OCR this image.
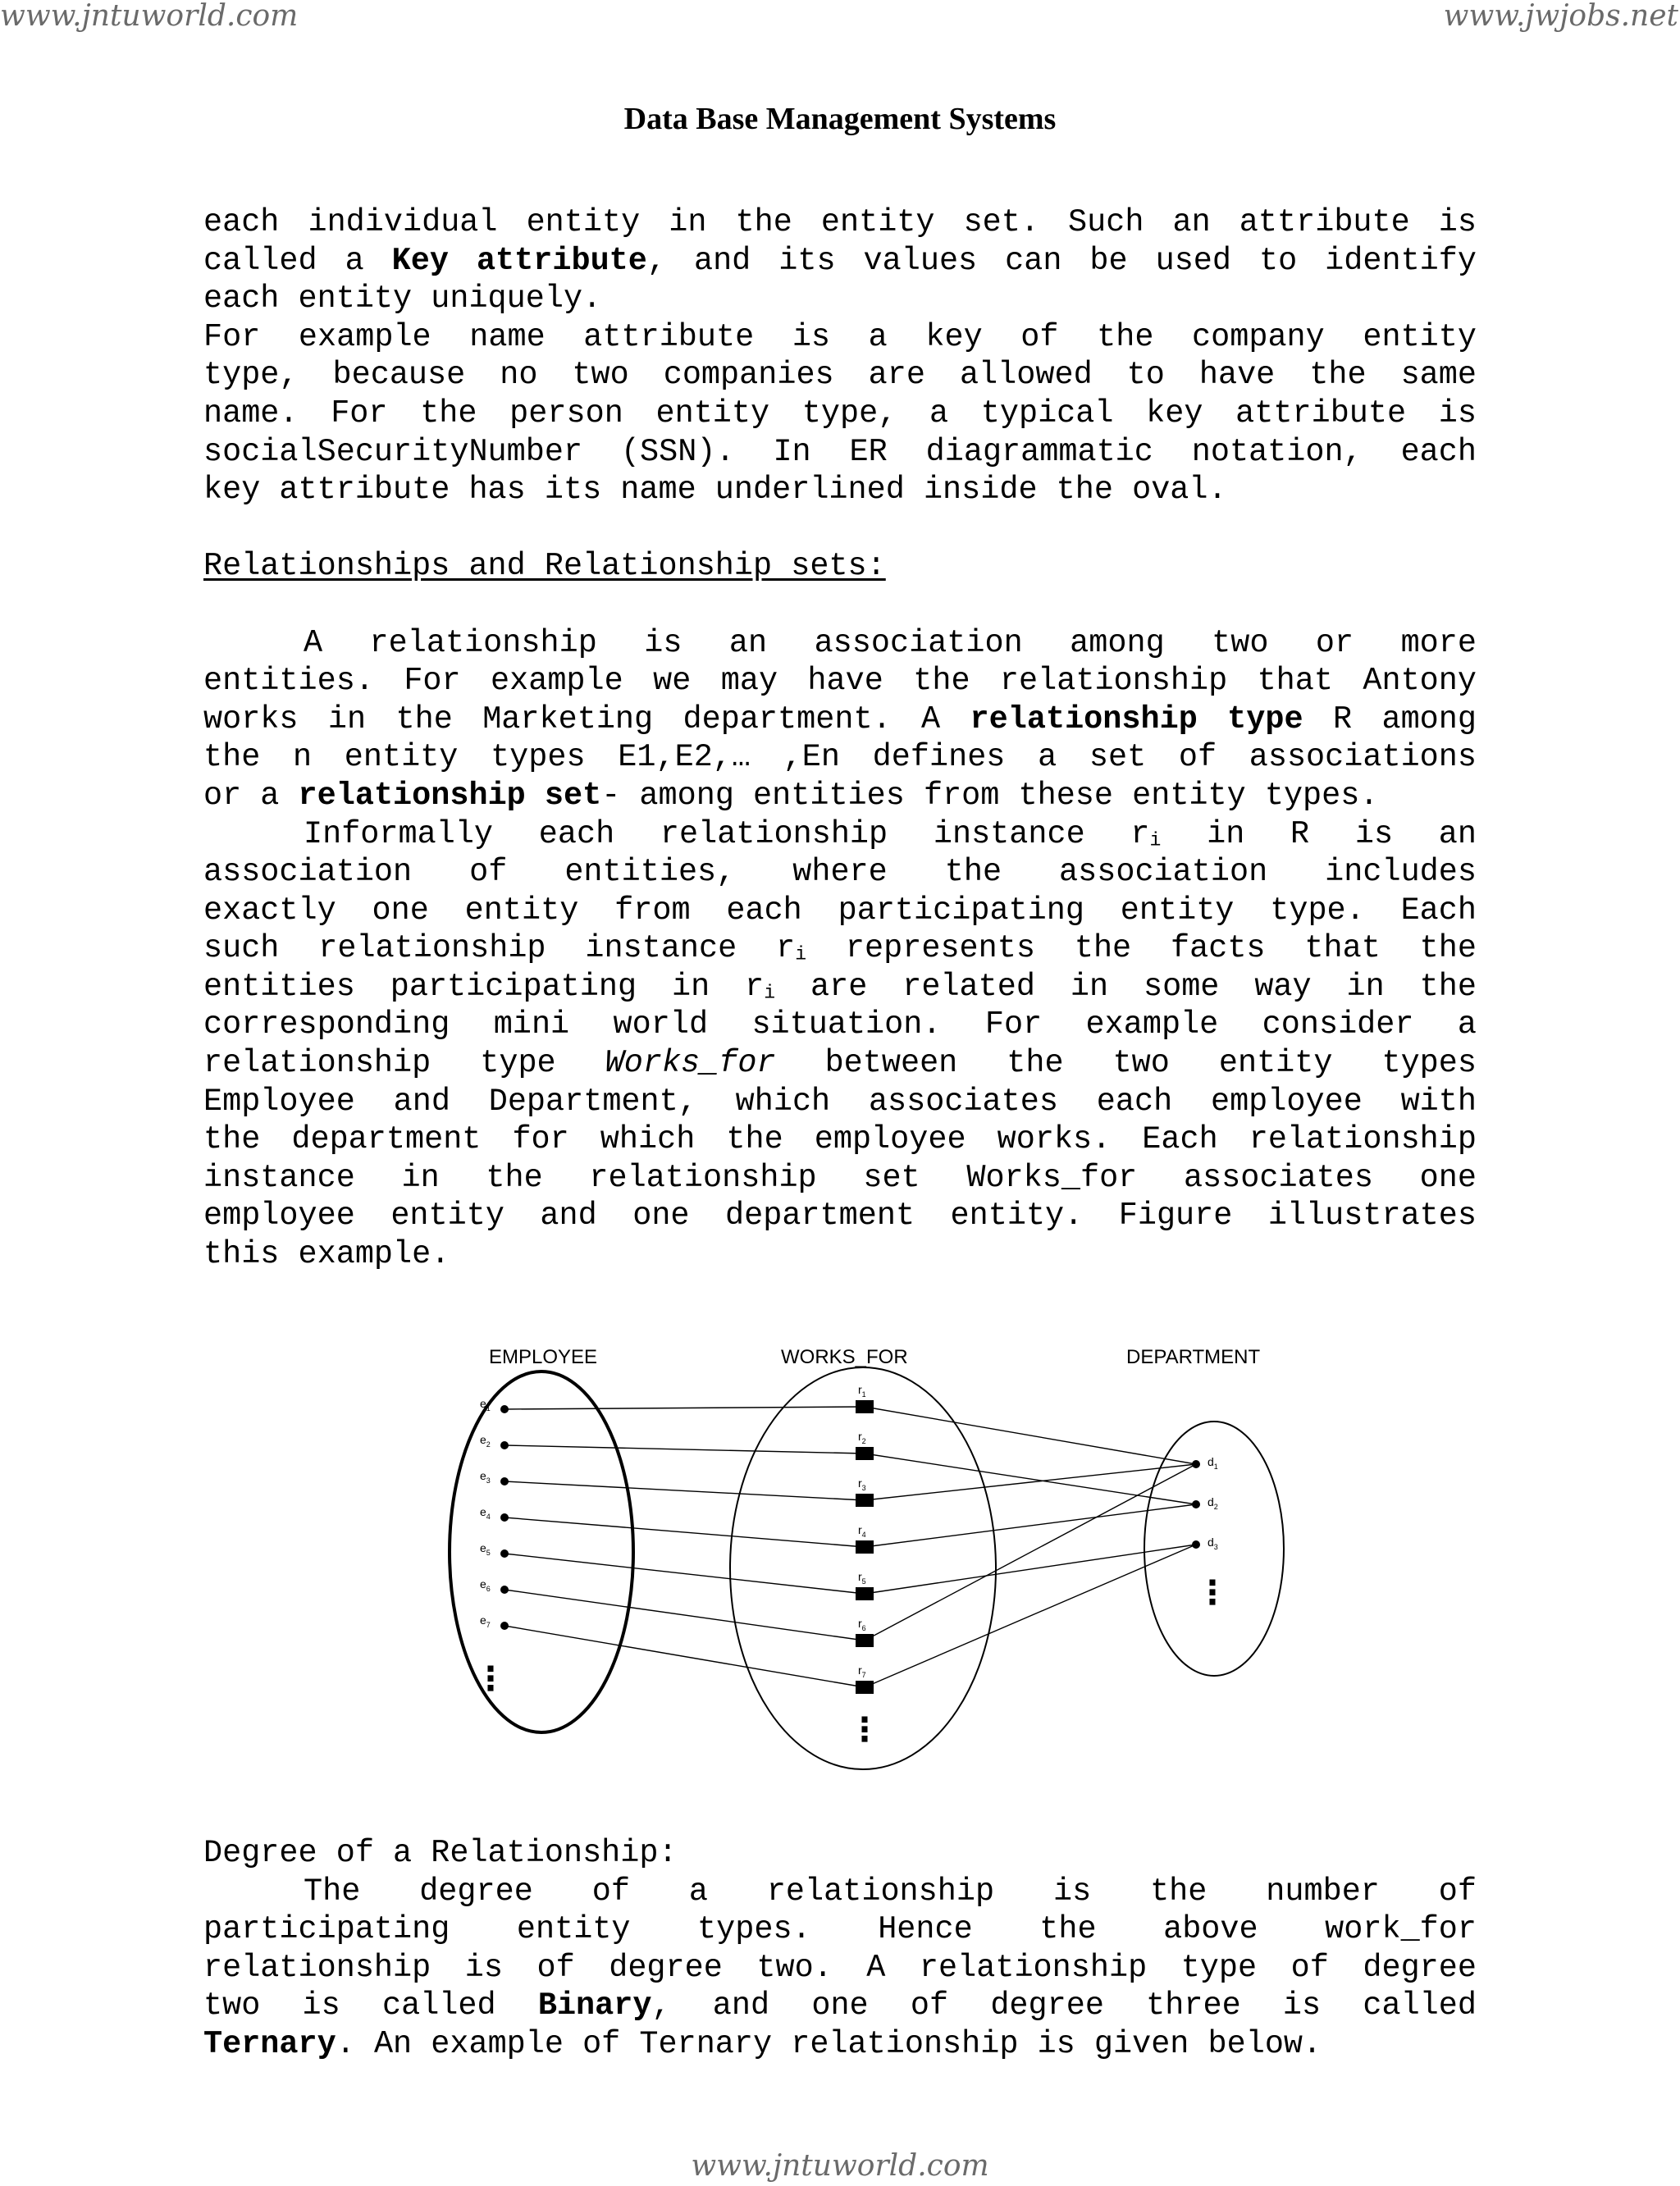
www.jntuworld.com	www.jwjobs.net
Data Base Management Systems

each individual entity in the entity set. Such an attribute is

called a Key attribute, and its values can be used to identify

each entity uniquely.

For example name attribute is a key of the company entity

type, because no two companies are allowed to have the same

name. For the person entity type, a typical key attribute is

socialSecurityNumber (SSN). In ER diagrammatic notation, each

key attribute has its name underlined inside the oval.

Relationships and Relationship sets:

A relationship is an association among two or more

entities. For example we may have the relationship that Antony

works in the Marketing department. A relationship type R among

the n entity types E1,E2,… ,En defines a set of associations

or a relationship set- among entities from these entity types.

Informally each relationship instance $r_i$ in R is an

association of entities, where the association includes

exactly one entity from each participating entity type. Each

such relationship instance $r_i$ represents the facts that the

entities participating in $r_i$ are related in some way in the

corresponding mini world situation. For example consider a

relationship type Works_for between the two entity types

Employee and Department, which associates each employee with

the department for which the employee works. Each relationship

instance in the relationship set Works_for associates one

employee entity and one department entity. Figure illustrates

this example.

EMPLOYEE	WORKS_FOR	DEPARTMENT
$e_1$
$e_2$
$e_3$
$e_4$
$e_5$
$e_6$
$e_7$
$r_1$
$r_2$
$r_3$
$r_4$
$r_5$
$r_6$
$r_7$
$d_1$
$d_2$
$d_3$
⋮
⋮
⋮

Degree of a Relationship:

The degree of a relationship is the number of

participating entity types. Hence the above work_for

relationship is of degree two. A relationship type of degree

two is called Binary, and one of degree three is called

Ternary. An example of Ternary relationship is given below.

www.jntuworld.com
